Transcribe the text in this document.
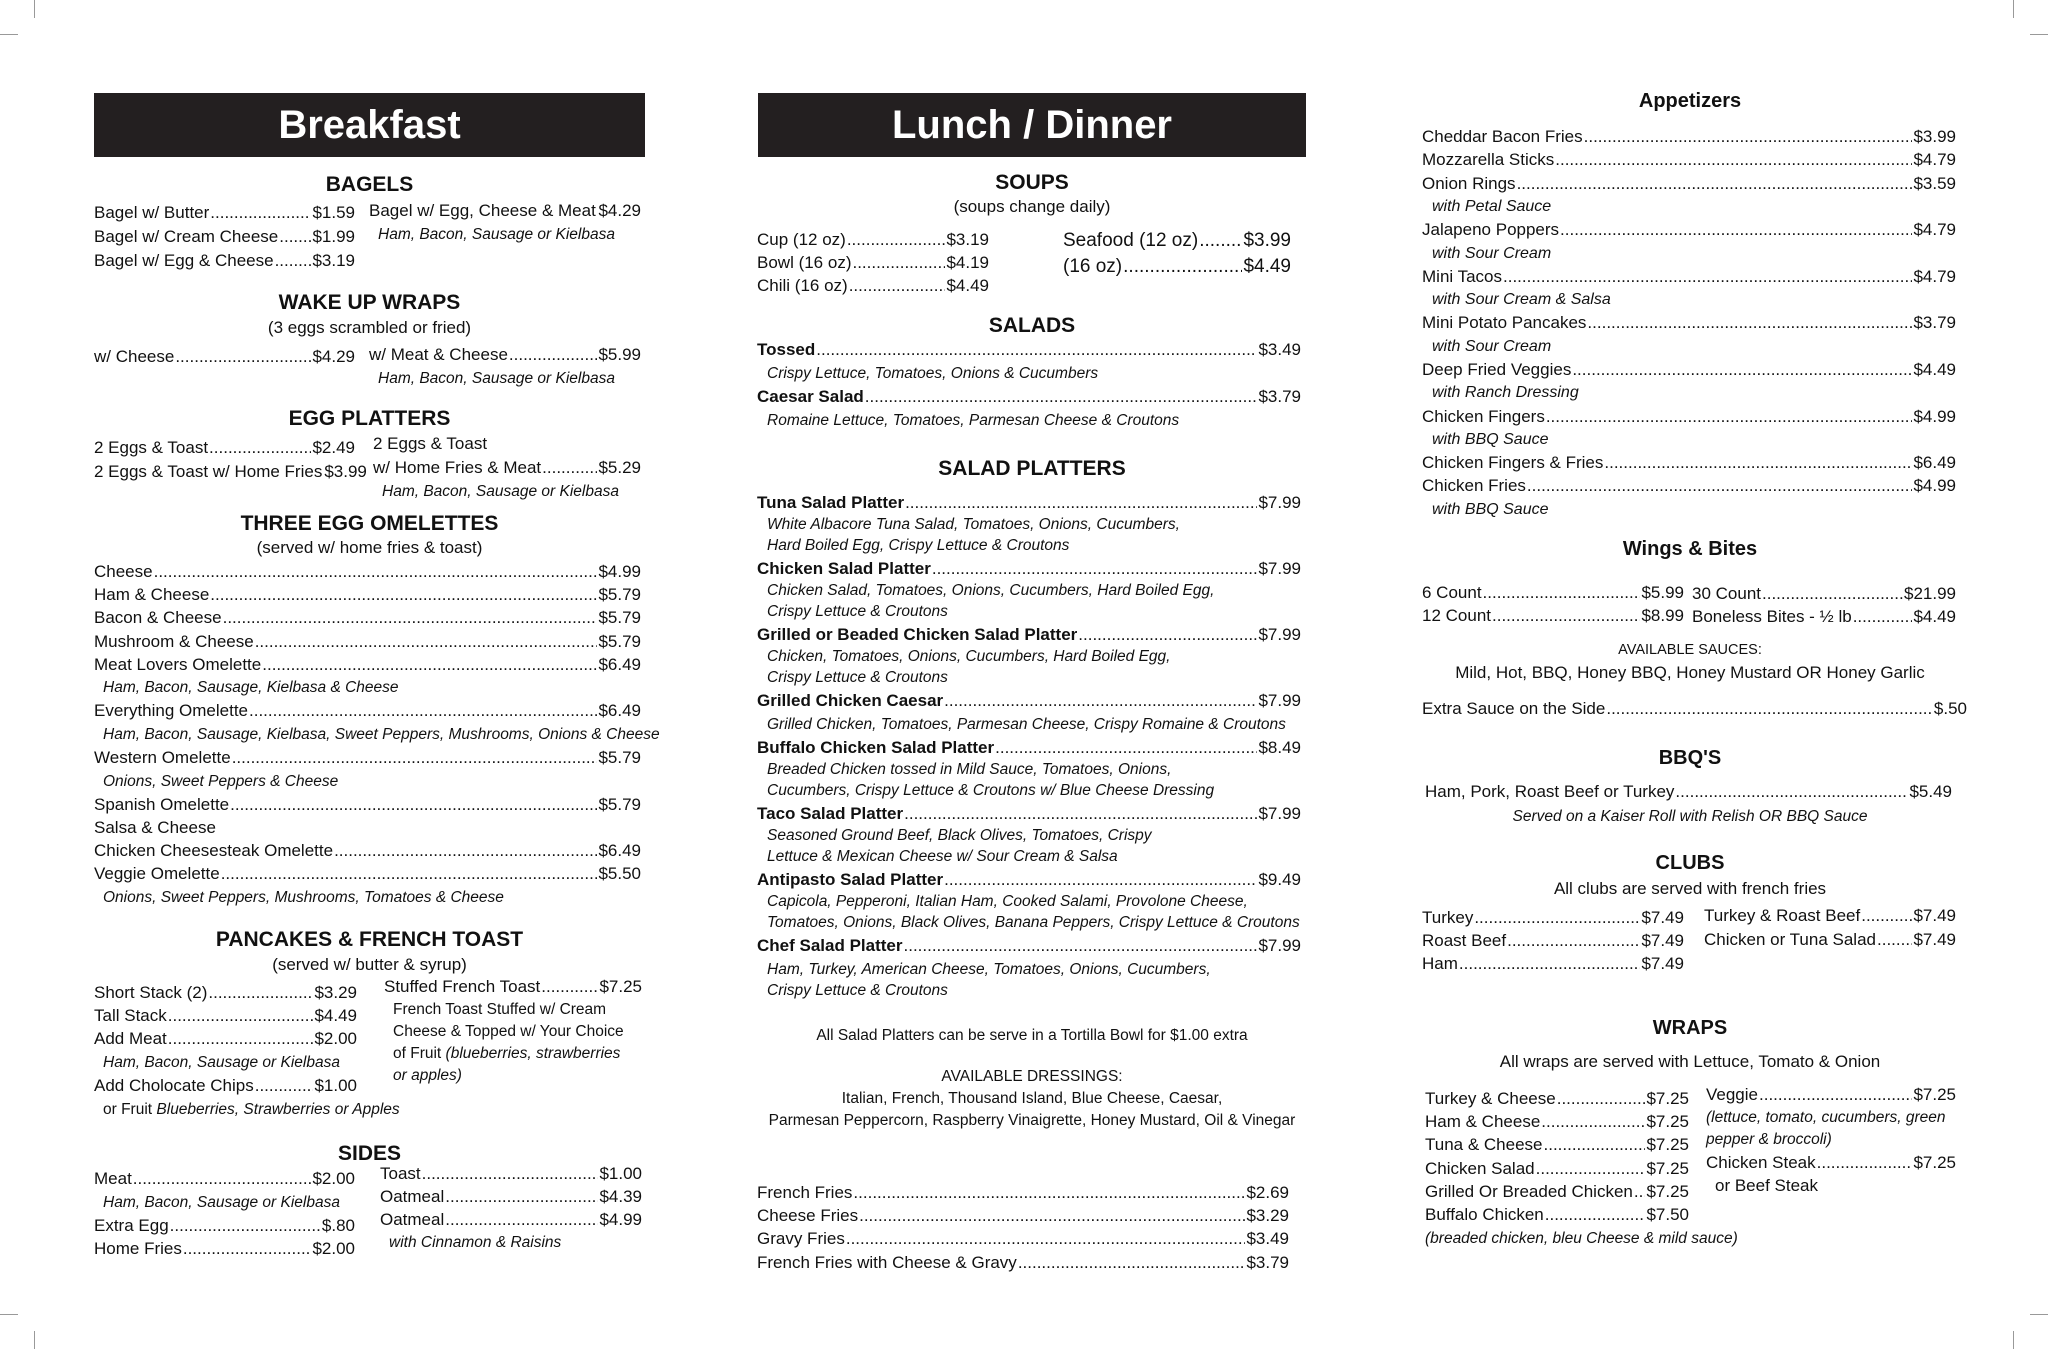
Breakfast
BAGELS
Bagel w/ Butter .....	$1.59
Bagel w/ Cream Cheese ..... $1.99
Bagel w/ Egg & Cheese ..... $3.19
Bagel w/ Egg, Cheese & Meat ..... $4.29
Ham, Bacon, Sausage or Kielbasa
WAKE UP WRAPS
(3 eggs scrambled or fried)
w/ Cheese .....	$4.29 w/ Meat & Cheese .....	$5.99
Ham, Bacon, Sausage or Kielbasa
EGG PLATTERS
2 Eggs & Toast .....	$2.49
2 Eggs & Toast w/ Home Fries $3.99
2 Eggs & Toast
w/ Home Fries & Meat .....	$5.29
Ham, Bacon, Sausage or Kielbasa
THREE EGG OMELETTES
(served w/ home fries & toast)
Cheese .....	$4.99
Ham & Cheese .....	$5.79
Bacon & Cheese .....	$5.79
Mushroom & Cheese .....	$5.79
Meat Lovers Omelette .....	$6.49
Ham, Bacon, Sausage, Kielbasa & Cheese
Everything Omelette .....	$6.49
Ham, Bacon, Sausage, Kielbasa, Sweet Peppers, Mushrooms, Onions & Cheese
Western Omelette .....	$5.79
Onions, Sweet Peppers & Cheese
Spanish Omelette .....	$5.79
Salsa & Cheese
Chicken Cheesesteak Omelette .....	$6.49
Veggie Omelette .....	$5.50
Onions, Sweet Peppers, Mushrooms, Tomatoes & Cheese
PANCAKES & FRENCH TOAST
(served w/ butter & syrup)
Short Stack (2) .....	$3.29
Tall Stack .....	$4.49
Add Meat .....	$2.00
Ham, Bacon, Sausage or Kielbasa
Add Cholocate Chips .....	$1.00
or Fruit Blueberries, Strawberries or Apples
Stuffed French Toast .....	$7.25
French Toast Stuffed w/ Cream
Cheese & Topped w/ Your Choice
of Fruit (blueberries, strawberries
or apples)
SIDES
Meat .....	$2.00
Ham, Bacon, Sausage or Kielbasa
Extra Egg .....	$.80
Home Fries .....	$2.00
Toast .....	$1.00
Oatmeal .....	$4.39
Oatmeal .....	$4.99
with Cinnamon & Raisins
Lunch / Dinner
SOUPS
(soups change daily)
Cup (12 oz) .....	$3.19
Bowl (16 oz) .....	$4.19
Chili (16 oz) .....	$4.49
Seafood (12 oz) ..... $3.99
(16 oz) .....	$4.49
SALADS
Tossed .....	$3.49
Crispy Lettuce, Tomatoes, Onions & Cucumbers
Caesar Salad .....	$3.79
Romaine Lettuce, Tomatoes, Parmesan Cheese & Croutons
SALAD PLATTERS
Tuna Salad Platter .....	$7.99
White Albacore Tuna Salad, Tomatoes, Onions, Cucumbers,
Hard Boiled Egg, Crispy Lettuce & Croutons
Chicken Salad Platter .....	$7.99
Chicken Salad, Tomatoes, Onions, Cucumbers, Hard Boiled Egg,
Crispy Lettuce & Croutons
Grilled or Beaded Chicken Salad Platter .....	$7.99
Chicken, Tomatoes, Onions, Cucumbers, Hard Boiled Egg,
Crispy Lettuce & Croutons
Grilled Chicken Caesar .....	$7.99
Grilled Chicken, Tomatoes, Parmesan Cheese, Crispy Romaine & Croutons
Buffalo Chicken Salad Platter .....	$8.49
Breaded Chicken tossed in Mild Sauce, Tomatoes, Onions,
Cucumbers, Crispy Lettuce & Croutons w/ Blue Cheese Dressing
Taco Salad Platter .....	$7.99
Seasoned Ground Beef, Black Olives, Tomatoes, Crispy
Lettuce & Mexican Cheese w/ Sour Cream & Salsa
Antipasto Salad Platter .....	$9.49
Capicola, Pepperoni, Italian Ham, Cooked Salami, Provolone Cheese,
Tomatoes, Onions, Black Olives, Banana Peppers, Crispy Lettuce & Croutons
Chef Salad Platter .....	$7.99
Ham, Turkey, American Cheese, Tomatoes, Onions, Cucumbers,
Crispy Lettuce & Croutons
All Salad Platters can be serve in a Tortilla Bowl for $1.00 extra
AVAILABLE DRESSINGS:
Italian, French, Thousand Island, Blue Cheese, Caesar,
Parmesan Peppercorn, Raspberry Vinaigrette, Honey Mustard, Oil & Vinegar
French Fries .....	$2.69
Cheese Fries .....	$3.29
Gravy Fries .....	$3.49
French Fries with Cheese & Gravy .....	$3.79
Appetizers
Cheddar Bacon Fries .....	$3.99
Mozzarella Sticks .....	$4.79
Onion Rings .....	$3.59
with Petal Sauce
Jalapeno Poppers .....	$4.79
with Sour Cream
Mini Tacos .....	$4.79
with Sour Cream & Salsa
Mini Potato Pancakes .....	$3.79
with Sour Cream
Deep Fried Veggies .....	$4.49
with Ranch Dressing
Chicken Fingers .....	$4.99
with BBQ Sauce
Chicken Fingers & Fries .....	$6.49
Chicken Fries .....	$4.99
with BBQ Sauce
Wings & Bites
6 Count .....	$5.99
12 Count .....	$8.99
30 Count .....	$21.99
Boneless Bites - ½ lb .....	$4.49
AVAILABLE SAUCES:
Mild, Hot, BBQ, Honey BBQ, Honey Mustard OR Honey Garlic
Extra Sauce on the Side .....	$.50
BBQ'S
Ham, Pork, Roast Beef or Turkey .....	$5.49
Served on a Kaiser Roll with Relish OR BBQ Sauce
CLUBS
All clubs are served with french fries
Turkey .....	$7.49
Roast Beef .....	$7.49
Ham .....	$7.49
Turkey & Roast Beef .....	$7.49
Chicken or Tuna Salad ..... $7.49
WRAPS
All wraps are served with Lettuce, Tomato & Onion
Turkey & Cheese .....	$7.25
Ham & Cheese .....	$7.25
Tuna & Cheese .....	$7.25
Chicken Salad .....	$7.25
Grilled Or Breaded Chicken ..... $7.25
Buffalo Chicken .....	$7.50
(breaded chicken, bleu Cheese & mild sauce)
Veggie .....	$7.25
(lettuce, tomato, cucumbers, green
pepper & broccoli)
Chicken Steak .....	$7.25
or Beef Steak
